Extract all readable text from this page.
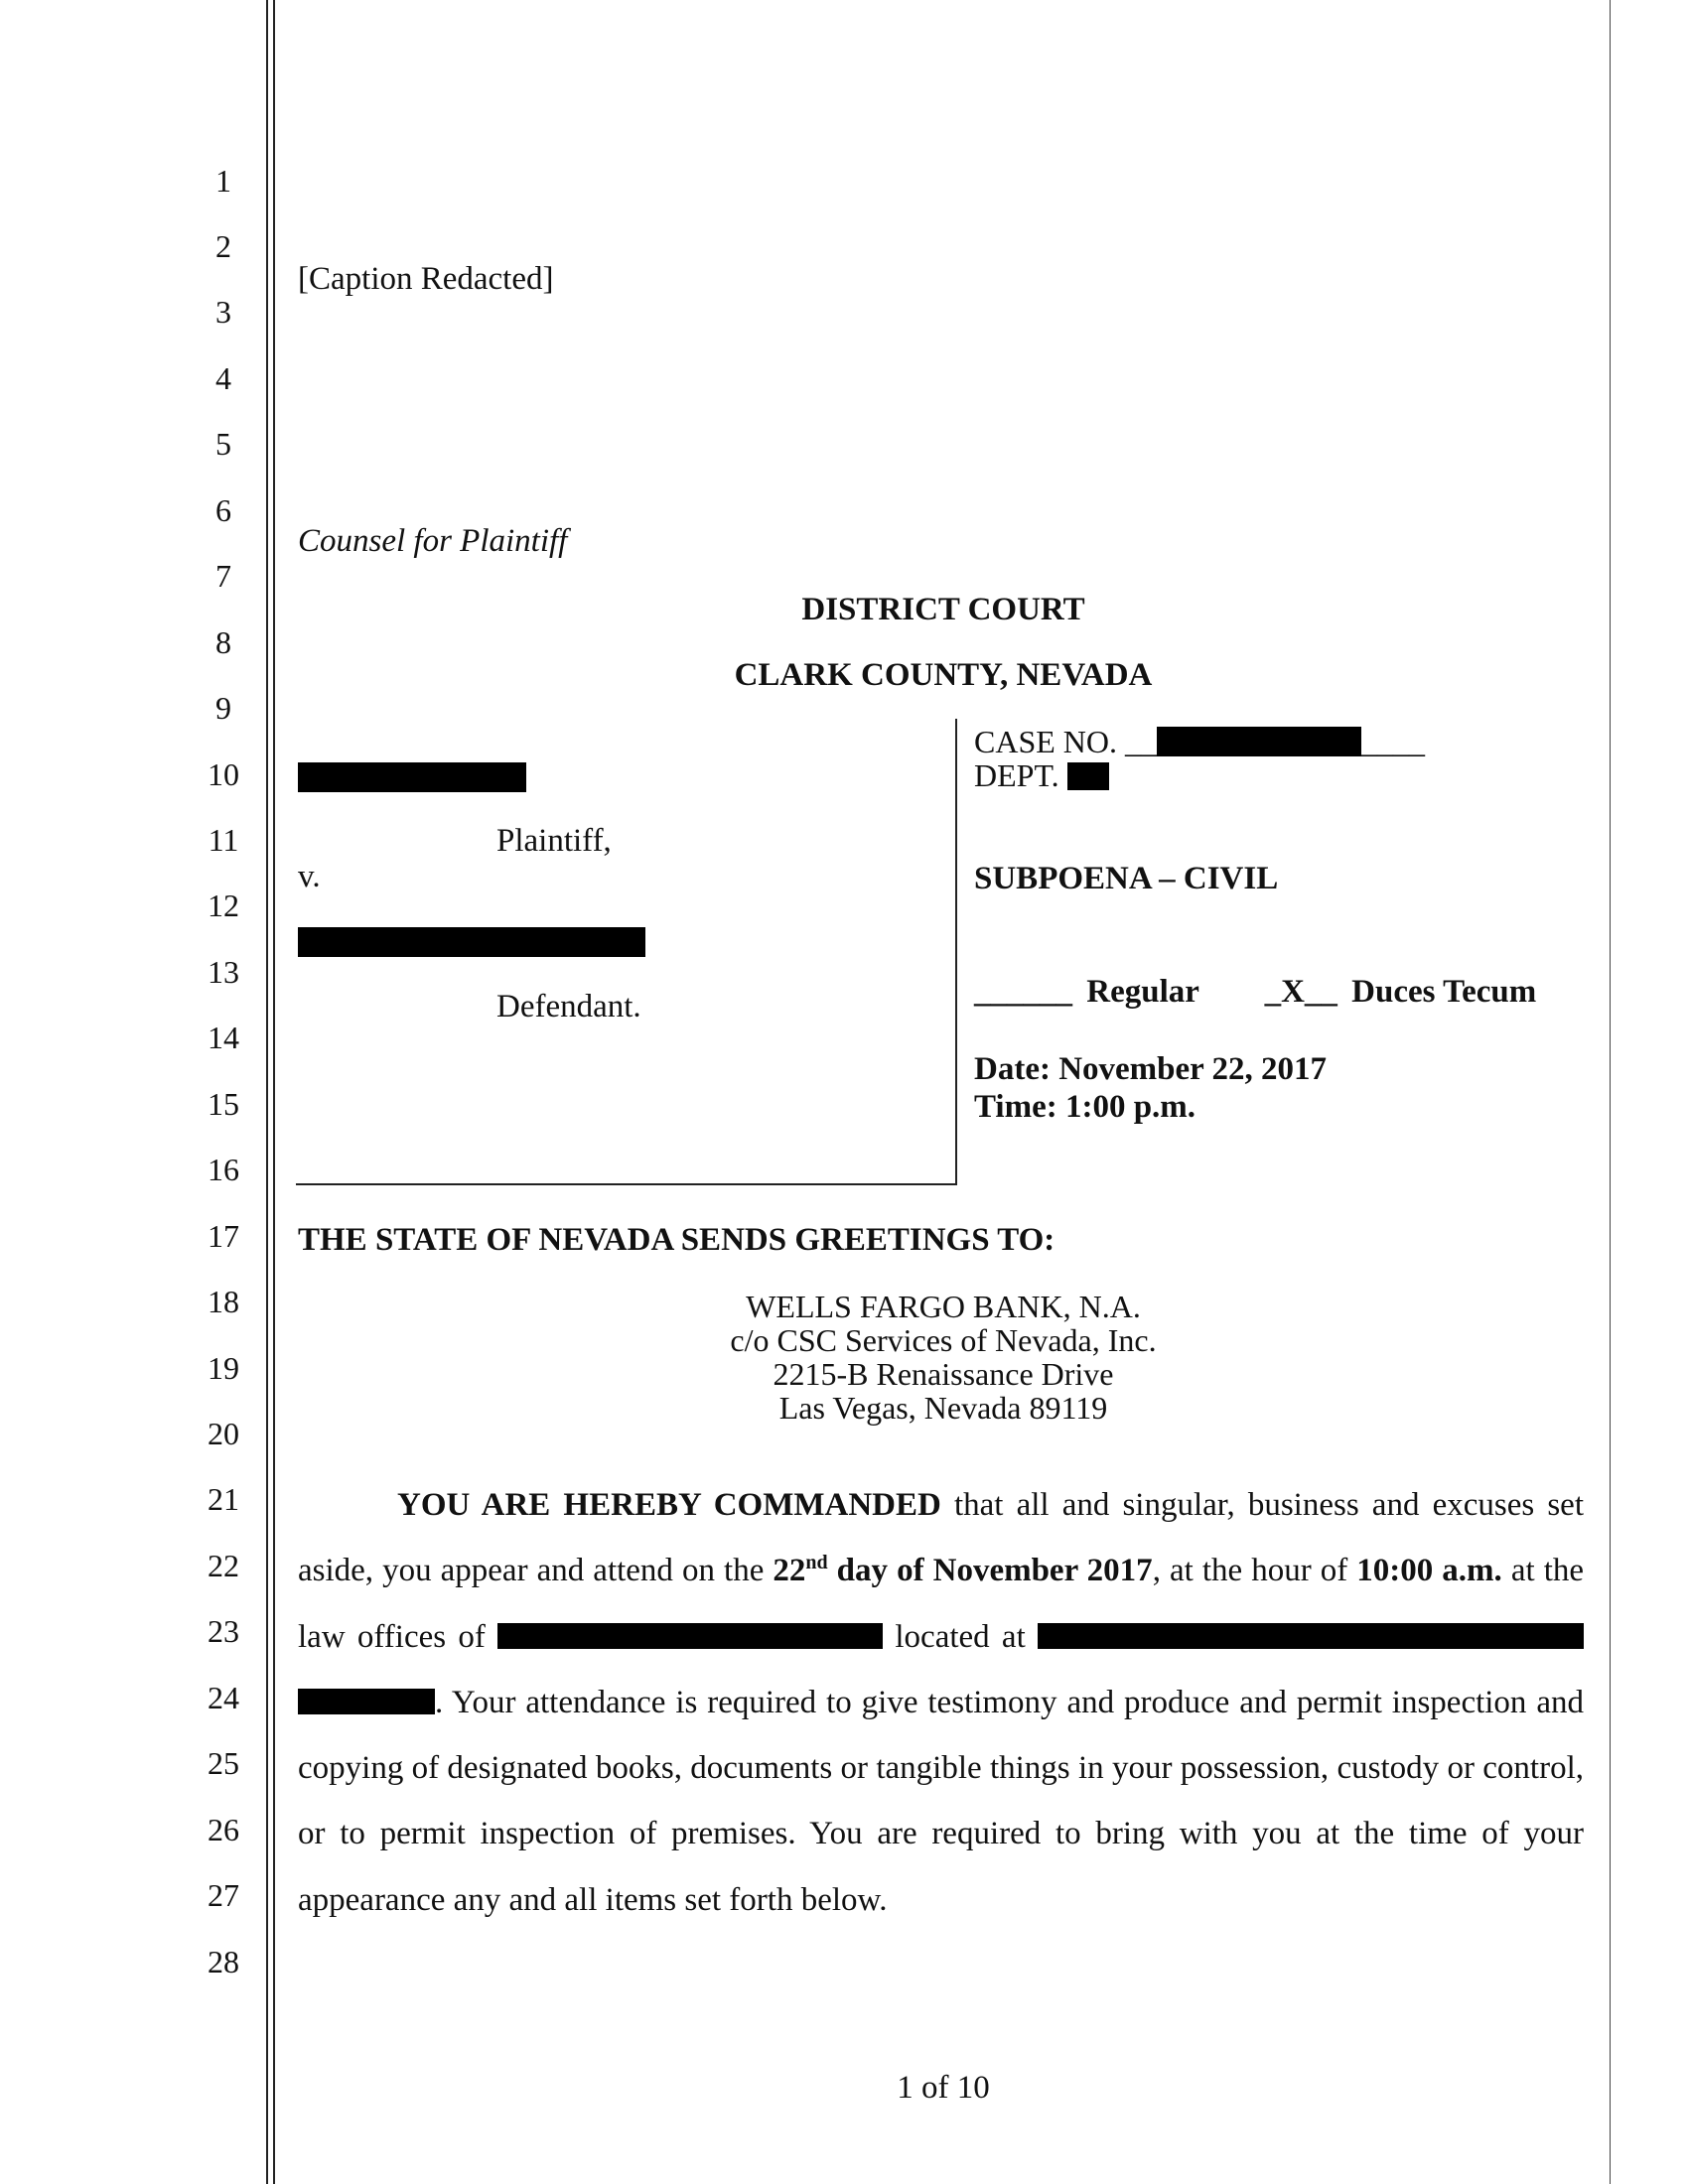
1
2
3
4
5
6
7
8
9
10
11
12
13
14
15
16
17
18
19
20
21
22
23
24
25
26
27
28
[Caption Redacted]
Counsel for Plaintiff
DISTRICT COURT
CLARK COUNTY, NEVADA
Plaintiff,
v.
Defendant.
CASE NO. __	____
DEPT.
SUBPOENA – CIVIL
______ Regular _X__ Duces Tecum
Date: November 22, 2017
Time: 1:00 p.m.
THE STATE OF NEVADA SENDS GREETINGS TO:
WELLS FARGO BANK, N.A.
c/o CSC Services of Nevada, Inc.
2215-B Renaissance Drive
Las Vegas, Nevada 89119
YOU ARE HEREBY COMMANDED that all and singular, business and excuses set aside, you appear and attend on the 22nd day of November 2017, at the hour of 10:00 a.m. at the law offices of	located at  . Your attendance is required to give testimony and produce and permit inspection and copying of designated books, documents or tangible things in your possession, custody or control, or to permit inspection of premises. You are required to bring with you at the time of your appearance any and all items set forth below.
1 of 10
